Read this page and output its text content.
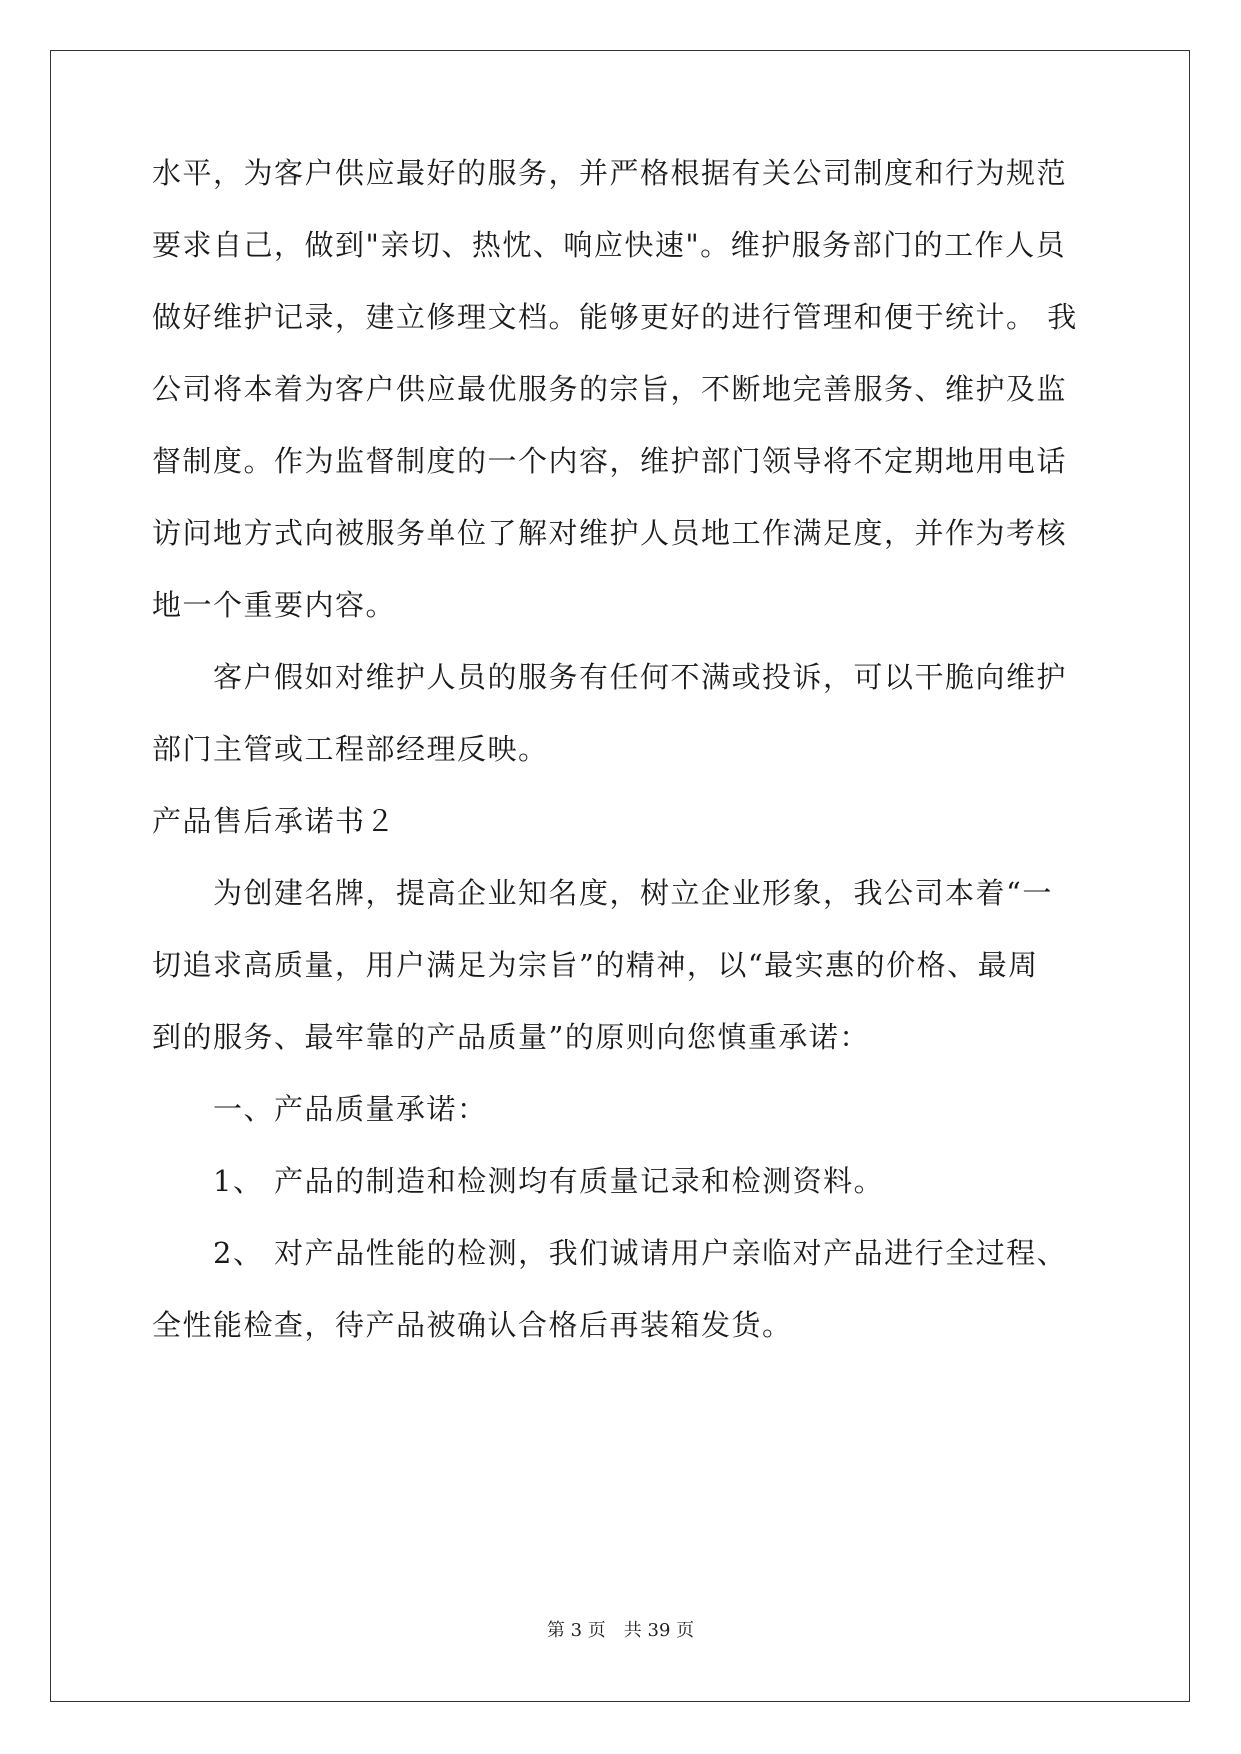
水平，为客户供应最好的服务，并严格根据有关公司制度和行为规范
要求自己，做到"亲切、热忱、响应快速"。维护服务部门的工作人员
做好维护记录，建立修理文档。能够更好的进行管理和便于统计。 我
公司将本着为客户供应最优服务的宗旨，不断地完善服务、维护及监
督制度。作为监督制度的一个内容，维护部门领导将不定期地用电话
访问地方式向被服务单位了解对维护人员地工作满足度，并作为考核
地一个重要内容。
　　客户假如对维护人员的服务有任何不满或投诉，可以干脆向维护
部门主管或工程部经理反映。
产品售后承诺书２
　　为创建名牌，提高企业知名度，树立企业形象，我公司本着“一
切追求高质量，用户满足为宗旨”的精神，以“最实惠的价格、最周
到的服务、最牢靠的产品质量”的原则向您慎重承诺：
　　一、产品质量承诺：
　　1、 产品的制造和检测均有质量记录和检测资料。
　　2、 对产品性能的检测，我们诚请用户亲临对产品进行全过程、
全性能检查，待产品被确认合格后再装箱发货。
第 3 页　共 39 页
